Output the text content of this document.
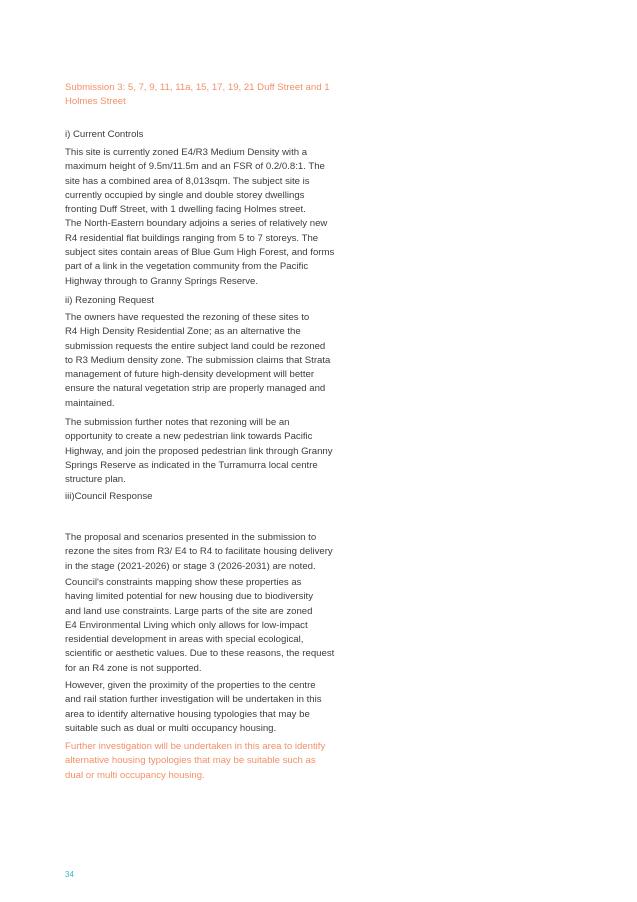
Submission 3: 5, 7, 9, 11, 11a, 15, 17, 19, 21 Duff Street and 1
Holmes Street
i) Current Controls
This site is currently zoned E4/R3 Medium Density with a
maximum height of 9.5m/11.5m and an FSR of 0.2/0.8:1. The
site has a combined area of 8,013sqm. The subject site is
currently occupied by single and double storey dwellings
fronting Duff Street, with 1 dwelling facing Holmes street.
The North-Eastern boundary adjoins a series of relatively new
R4 residential flat buildings ranging from 5 to 7 storeys. The
subject sites contain areas of Blue Gum High Forest, and forms
part of a link in the vegetation community from the Pacific
Highway through to Granny Springs Reserve.
ii) Rezoning Request
The owners have requested the rezoning of these sites to
R4 High Density Residential Zone; as an alternative the
submission requests the entire subject land could be rezoned
to R3 Medium density zone. The submission claims that Strata
management of future high-density development will better
ensure the natural vegetation strip are properly managed and
maintained.
The submission further notes that rezoning will be an
opportunity to create a new pedestrian link towards Pacific
Highway, and join the proposed pedestrian link through Granny
Springs Reserve as indicated in the Turramurra local centre
structure plan.
iii)Council Response
The proposal and scenarios presented in the submission to
rezone the sites from R3/ E4 to R4 to facilitate housing delivery
in the stage (2021-2026) or stage 3 (2026-2031) are noted.
Council's constraints mapping show these properties as
having limited potential for new housing due to biodiversity
and land use constraints. Large parts of the site are zoned
E4 Environmental Living which only allows for low-impact
residential development in areas with special ecological,
scientific or aesthetic values. Due to these reasons, the request
for an R4 zone is not supported.
However, given the proximity of the properties to the centre
and rail station further investigation will be undertaken in this
area to identify alternative housing typologies that may be
suitable such as dual or multi occupancy housing.
Further investigation will be undertaken in this area to identify
alternative housing typologies that may be suitable such as
dual or multi occupancy housing.
34
